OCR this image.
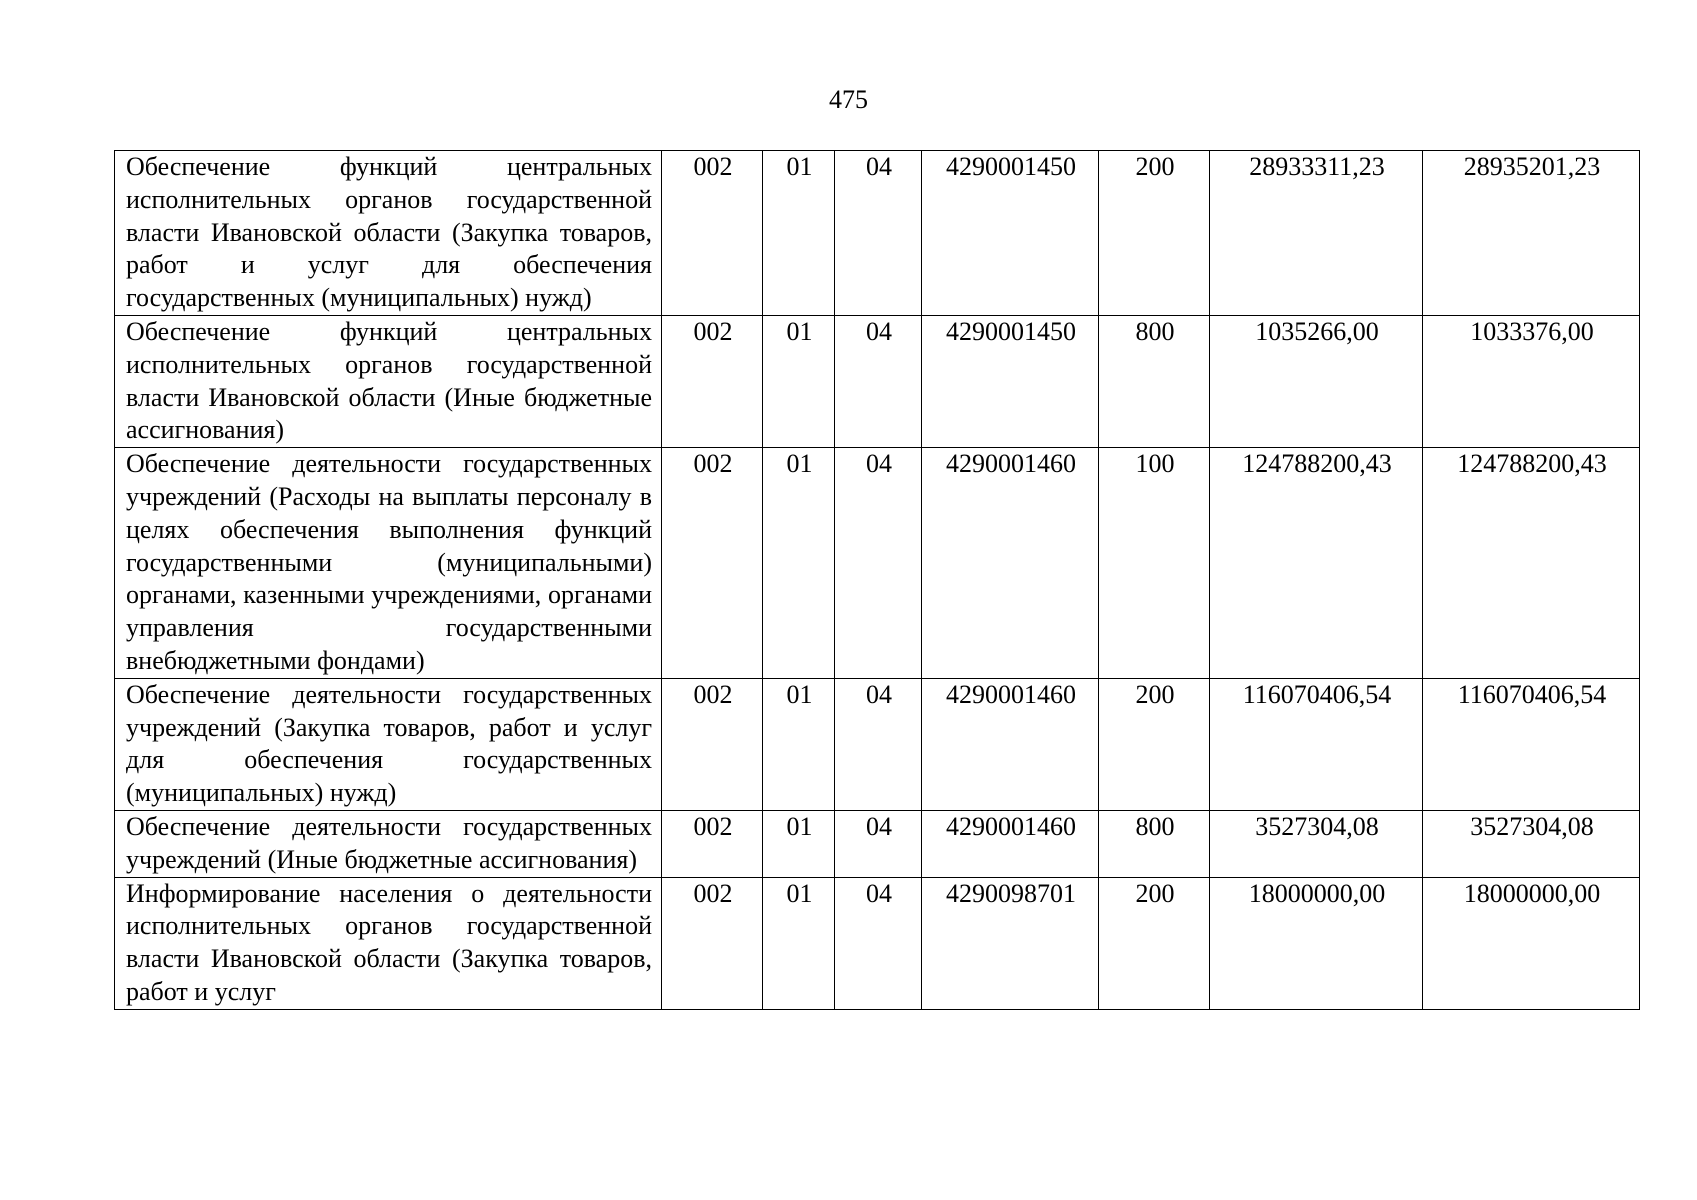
475
Обеспечение функций центральных исполнительных органов государственной власти Ивановской области (Закупка товаров, работ и услуг для обеспечения государственных (муниципальных) нужд)	002	01	04	4290001450	200	28933311,23	28935201,23
Обеспечение функций центральных исполнительных органов государственной власти Ивановской области (Иные бюджетные ассигнования)	002	01	04	4290001450	800	1035266,00	1033376,00
Обеспечение деятельности государственных учреждений (Расходы на выплаты персоналу в целях обеспечения выполнения функций государственными (муниципальными) органами, казенными учреждениями, органами управления государственными внебюджетными фондами)	002	01	04	4290001460	100	124788200,43	124788200,43
Обеспечение деятельности государственных учреждений (Закупка товаров, работ и услуг для обеспечения государственных (муниципальных) нужд)	002	01	04	4290001460	200	116070406,54	116070406,54
Обеспечение деятельности государственных учреждений (Иные бюджетные ассигнования)	002	01	04	4290001460	800	3527304,08	3527304,08
Информирование населения о деятельности исполнительных органов государственной власти Ивановской области (Закупка товаров, работ и услуг	002	01	04	4290098701	200	18000000,00	18000000,00
